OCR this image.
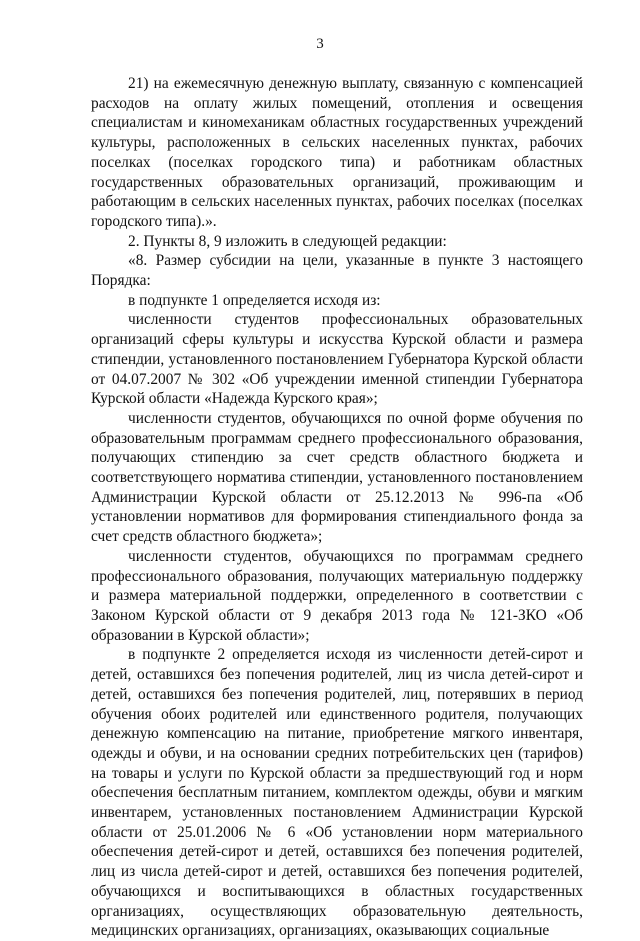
3

21) на ежемесячную денежную выплату, связанную с компенсацией расходов на оплату жилых помещений, отопления и освещения специалистам и киномеханикам областных государственных учреждений культуры, расположенных в сельских населенных пунктах, рабочих поселках (поселках городского типа) и работникам областных государственных образовательных организаций, проживающим и работающим в сельских населенных пунктах, рабочих поселках (поселках городского типа).».

2. Пункты 8, 9 изложить в следующей редакции:

«8. Размер субсидии на цели, указанные в пункте 3 настоящего Порядка:

в подпункте 1 определяется исходя из:

численности студентов профессиональных образовательных организаций сферы культуры и искусства Курской области и размера стипендии, установленного постановлением Губернатора Курской области от 04.07.2007 № 302 «Об учреждении именной стипендии Губернатора Курской области «Надежда Курского края»;

численности студентов, обучающихся по очной форме обучения по образовательным программам среднего профессионального образования, получающих стипендию за счет средств областного бюджета и соответствующего норматива стипендии, установленного постановлением Администрации Курской области от 25.12.2013 № 996-па «Об установлении нормативов для формирования стипендиального фонда за счет средств областного бюджета»;

численности студентов, обучающихся по программам среднего профессионального образования, получающих материальную поддержку и размера материальной поддержки, определенного в соответствии с Законом Курской области от 9 декабря 2013 года № 121-ЗКО «Об образовании в Курской области»;

в подпункте 2 определяется исходя из численности детей-сирот и детей, оставшихся без попечения родителей, лиц из числа детей-сирот и детей, оставшихся без попечения родителей, лиц, потерявших в период обучения обоих родителей или единственного родителя, получающих денежную компенсацию на питание, приобретение мягкого инвентаря, одежды и обуви, и на основании средних потребительских цен (тарифов) на товары и услуги по Курской области за предшествующий год и норм обеспечения бесплатным питанием, комплектом одежды, обуви и мягким инвентарем, установленных постановлением Администрации Курской области от 25.01.2006 № 6 «Об установлении норм материального обеспечения детей-сирот и детей, оставшихся без попечения родителей, лиц из числа детей-сирот и детей, оставшихся без попечения родителей, обучающихся и воспитывающихся в областных государственных организациях, осуществляющих образовательную деятельность, медицинских организациях, организациях, оказывающих социальные
